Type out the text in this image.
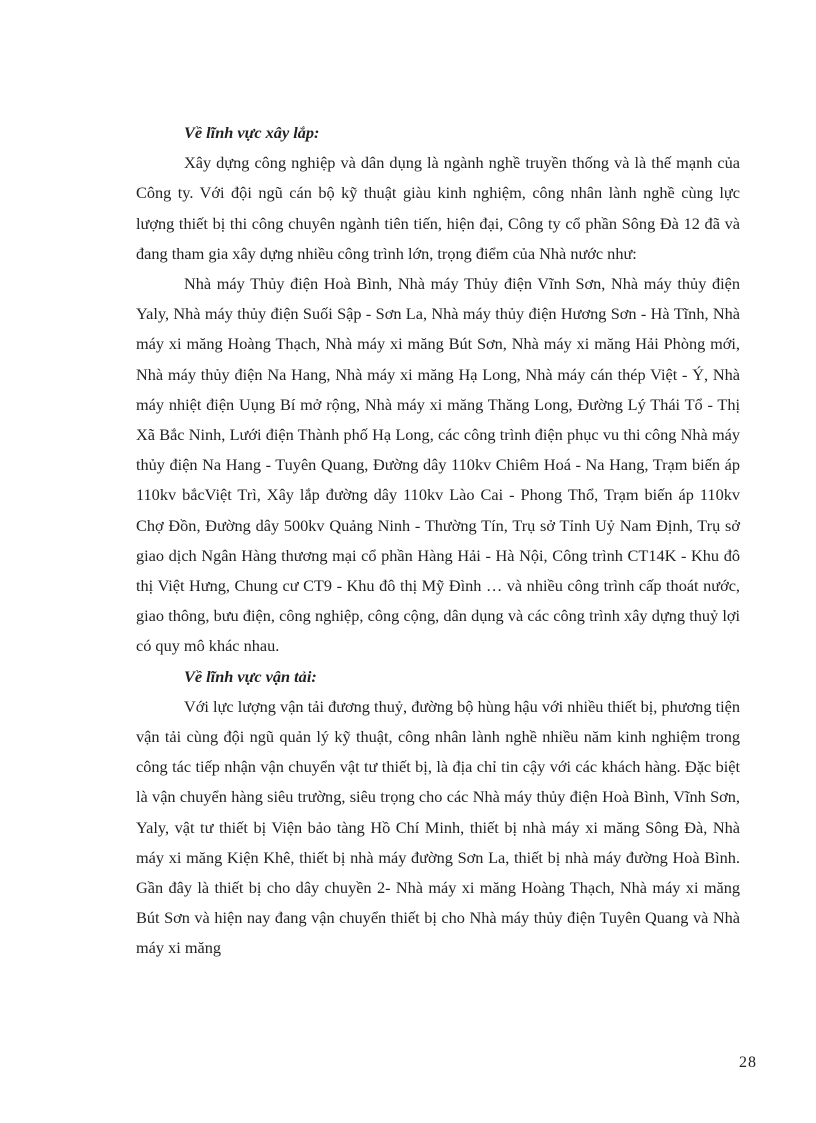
Về lĩnh vực xây lắp:

Xây dựng công nghiệp và dân dụng là ngành nghề truyền thống và là thế mạnh của Công ty. Với đội ngũ cán bộ kỹ thuật giàu kinh nghiệm, công nhân lành nghề cùng lực lượng thiết bị thi công chuyên ngành tiên tiến, hiện đại, Công ty cổ phần Sông Đà 12 đã và đang tham gia xây dựng nhiều công trình lớn, trọng điểm của Nhà nước như:

Nhà máy Thủy điện Hoà Bình, Nhà máy Thủy điện Vĩnh Sơn, Nhà máy thủy điện Yaly, Nhà máy thủy điện Suối Sập - Sơn La, Nhà máy thủy điện Hương Sơn - Hà Tĩnh, Nhà máy xi măng Hoàng Thạch, Nhà máy xi măng Bút Sơn, Nhà máy xi măng Hải Phòng mới, Nhà máy thủy điện Na Hang, Nhà máy xi măng Hạ Long, Nhà máy cán thép Việt - Ý, Nhà máy nhiệt điện Uụng Bí mở rộng, Nhà máy xi măng Thăng Long, Đường Lý Thái Tổ - Thị Xã Bắc Ninh, Lưới điện Thành phố Hạ Long, các công trình điện phục vu thi công Nhà máy thủy điện Na Hang - Tuyên Quang, Đường dây 110kv Chiêm Hoá - Na Hang, Trạm biến áp 110kv bắcViệt Trì, Xây lắp đường dây 110kv Lào Cai - Phong Thổ, Trạm biến áp 110kv Chợ Đồn, Đường dây 500kv Quảng Ninh - Thường Tín, Trụ sở Tỉnh Uỷ Nam Định, Trụ sở giao dịch Ngân Hàng thương mại cổ phần Hàng Hải - Hà Nội, Công trình CT14K - Khu đô thị Việt Hưng, Chung cư CT9 - Khu đô thị Mỹ Đình … và nhiều công trình cấp thoát nước, giao thông, bưu điện, công nghiệp, công cộng, dân dụng và các công trình xây dựng thuỷ lợi có quy mô khác nhau.

Về lĩnh vực vận tải:

Với lực lượng vận tải đương thuỷ, đường bộ hùng hậu với nhiều thiết bị, phương tiện vận tải cùng đội ngũ quản lý kỹ thuật, công nhân lành nghề nhiều năm kinh nghiệm trong công tác tiếp nhận vận chuyển vật tư thiết bị, là địa chỉ tin cậy với các khách hàng. Đặc biệt là vận chuyển hàng siêu trường, siêu trọng cho các Nhà máy thủy điện Hoà Bình, Vĩnh Sơn, Yaly, vật tư thiết bị Viện bảo tàng Hồ Chí Minh, thiết bị nhà máy xi măng Sông Đà, Nhà máy xi măng Kiện Khê, thiết bị nhà máy đường Sơn La, thiết bị nhà máy đường Hoà Bình. Gần đây là thiết bị cho dây chuyền 2- Nhà máy xi măng Hoàng Thạch, Nhà máy xi măng Bút Sơn và hiện nay đang vận chuyển thiết bị cho Nhà máy thủy điện Tuyên Quang và Nhà máy xi măng

28
